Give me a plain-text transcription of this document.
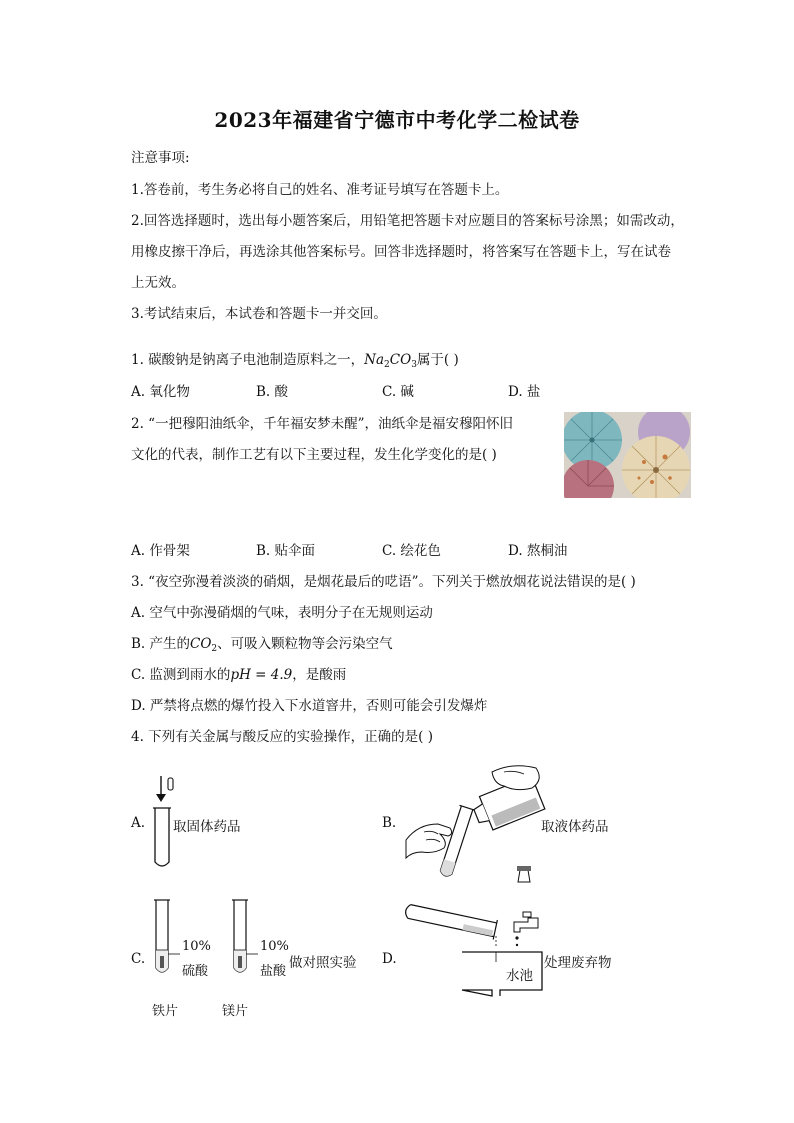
2023年福建省宁德市中考化学二检试卷
注意事项:
1.答卷前，考生务必将自己的姓名、准考证号填写在答题卡上。
2.回答选择题时，选出每小题答案后，用铅笔把答题卡对应题目的答案标号涂黑；如需改动，
用橡皮擦干净后，再选涂其他答案标号。回答非选择题时，将答案写在答题卡上，写在试卷
上无效。
3.考试结束后，本试卷和答题卡一并交回。
1. 碳酸钠是钠离子电池制造原料之一，$Na_2CO_3$属于( )
A. 氧化物	B. 酸	C. 碱	D. 盐
2. “一把穆阳油纸伞，千年福安梦未醒”，油纸伞是福安穆阳怀旧
文化的代表，制作工艺有以下主要过程，发生化学变化的是( )
A. 作骨架	B. 贴伞面	C. 绘花色	D. 熬桐油
3. “夜空弥漫着淡淡的硝烟，是烟花最后的呓语”。下列关于燃放烟花说法错误的是( )
A. 空气中弥漫硝烟的气味，表明分子在无规则运动
B. 产生的$CO_2$、可吸入颗粒物等会污染空气
C. 监测到雨水的pH = 4.9，是酸雨
D. 严禁将点燃的爆竹投入下水道窨井，否则可能会引发爆炸
4. 下列有关金属与酸反应的实验操作，正确的是( )
A. 取固体药品	B.	取液体药品
C.
10%
硫酸
10%
盐酸
做对照实验
铁片	镁片
D.
水池
处理废弃物
